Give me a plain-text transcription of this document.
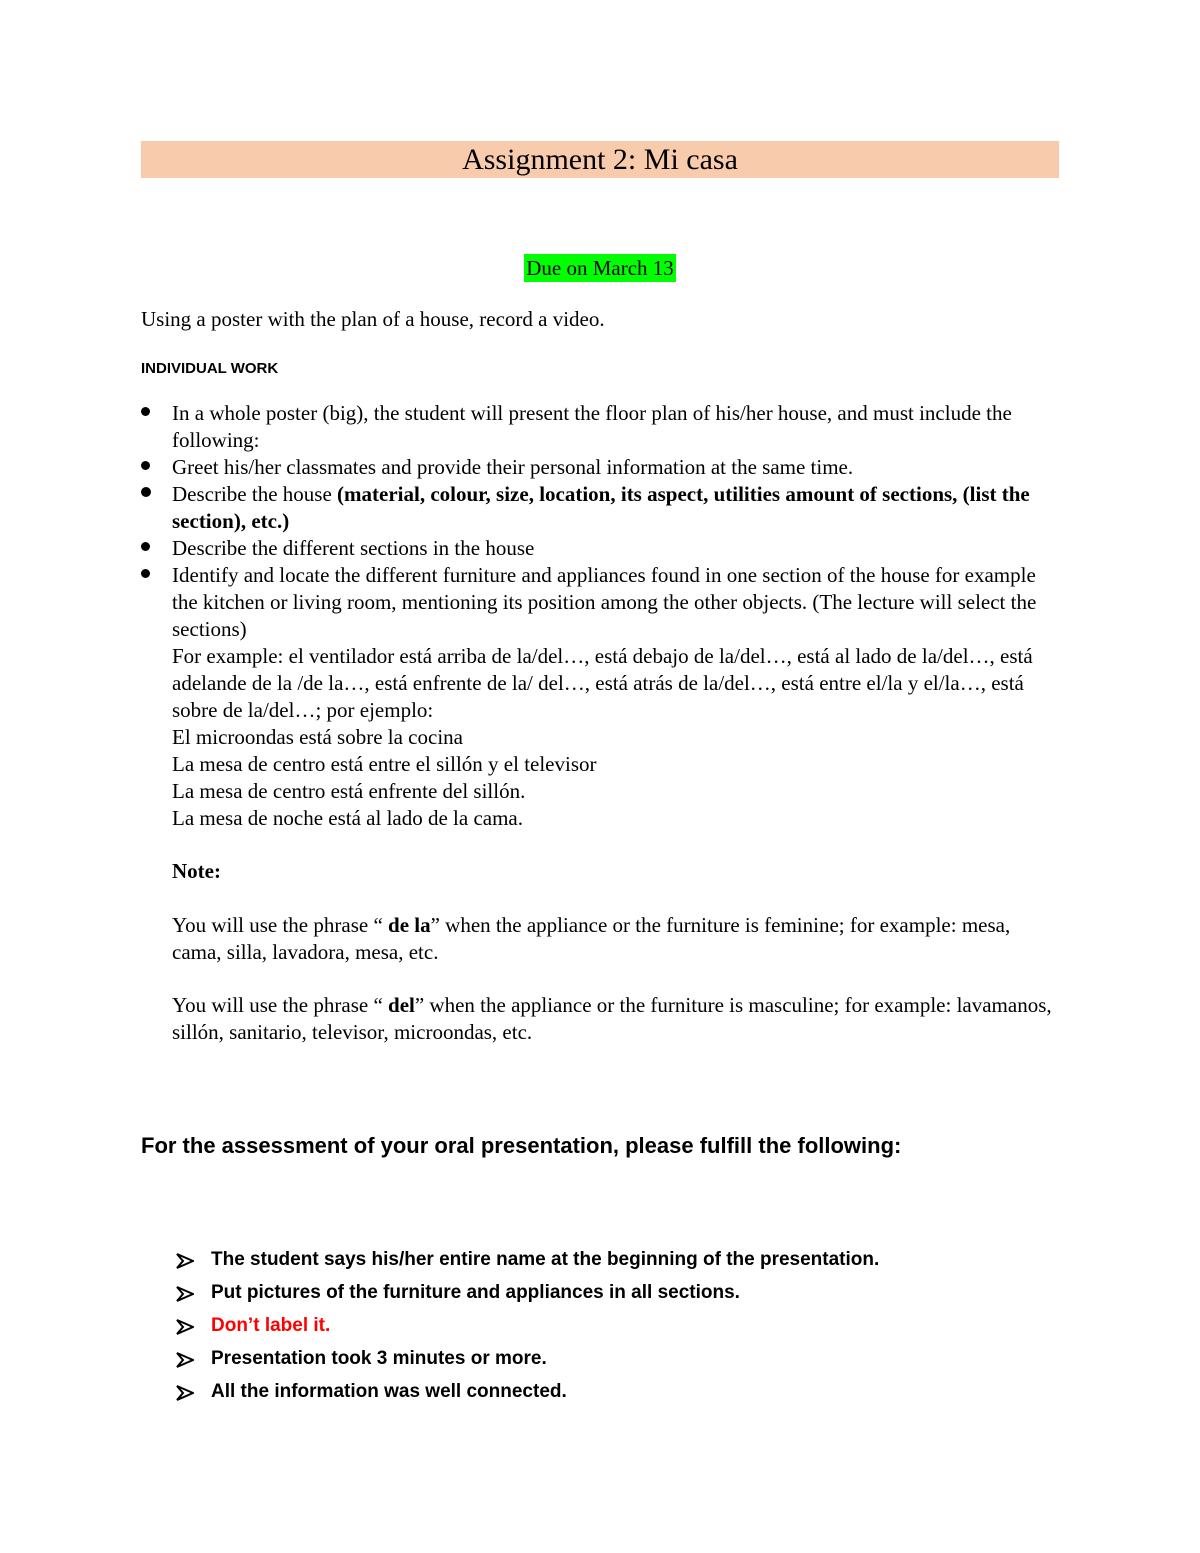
Assignment 2: Mi casa
Due on March 13
Using a poster with the plan of a house, record a video.
INDIVIDUAL WORK
In a whole poster (big), the student will present the floor plan of his/her house, and must include the following:
Greet his/her classmates and provide their personal information at the same time.
Describe the house (material, colour, size, location, its aspect, utilities amount of sections, (list the section), etc.)
Describe the different sections in the house
Identify and locate the different furniture and appliances found in one section of the house for example the kitchen or living room, mentioning its position among the other objects. (The lecture will select the sections)
For example: el ventilador está arriba de la/del…, está debajo de la/del…, está al lado de la/del…, está adelande de la /de la…, está enfrente de la/ del…, está atrás de la/del…, está entre el/la y el/la…, está sobre de la/del…; por ejemplo:
El microondas está sobre la cocina
La mesa de centro está entre el sillón y el televisor
La mesa de centro está enfrente del sillón.
La mesa de noche está al lado de la cama.

Note:

You will use the phrase “ de la” when the appliance or the furniture is feminine; for example: mesa, cama, silla, lavadora, mesa, etc.

You will use the phrase “ del” when the appliance or the furniture is masculine; for example: lavamanos, sillón, sanitario, televisor, microondas, etc.

For the assessment of your oral presentation, please fulfill the following:
The student says his/her entire name at the beginning of the presentation.
Put pictures of the furniture and appliances in all sections.
Don’t label it.
Presentation took 3 minutes or more.
All the information was well connected.
